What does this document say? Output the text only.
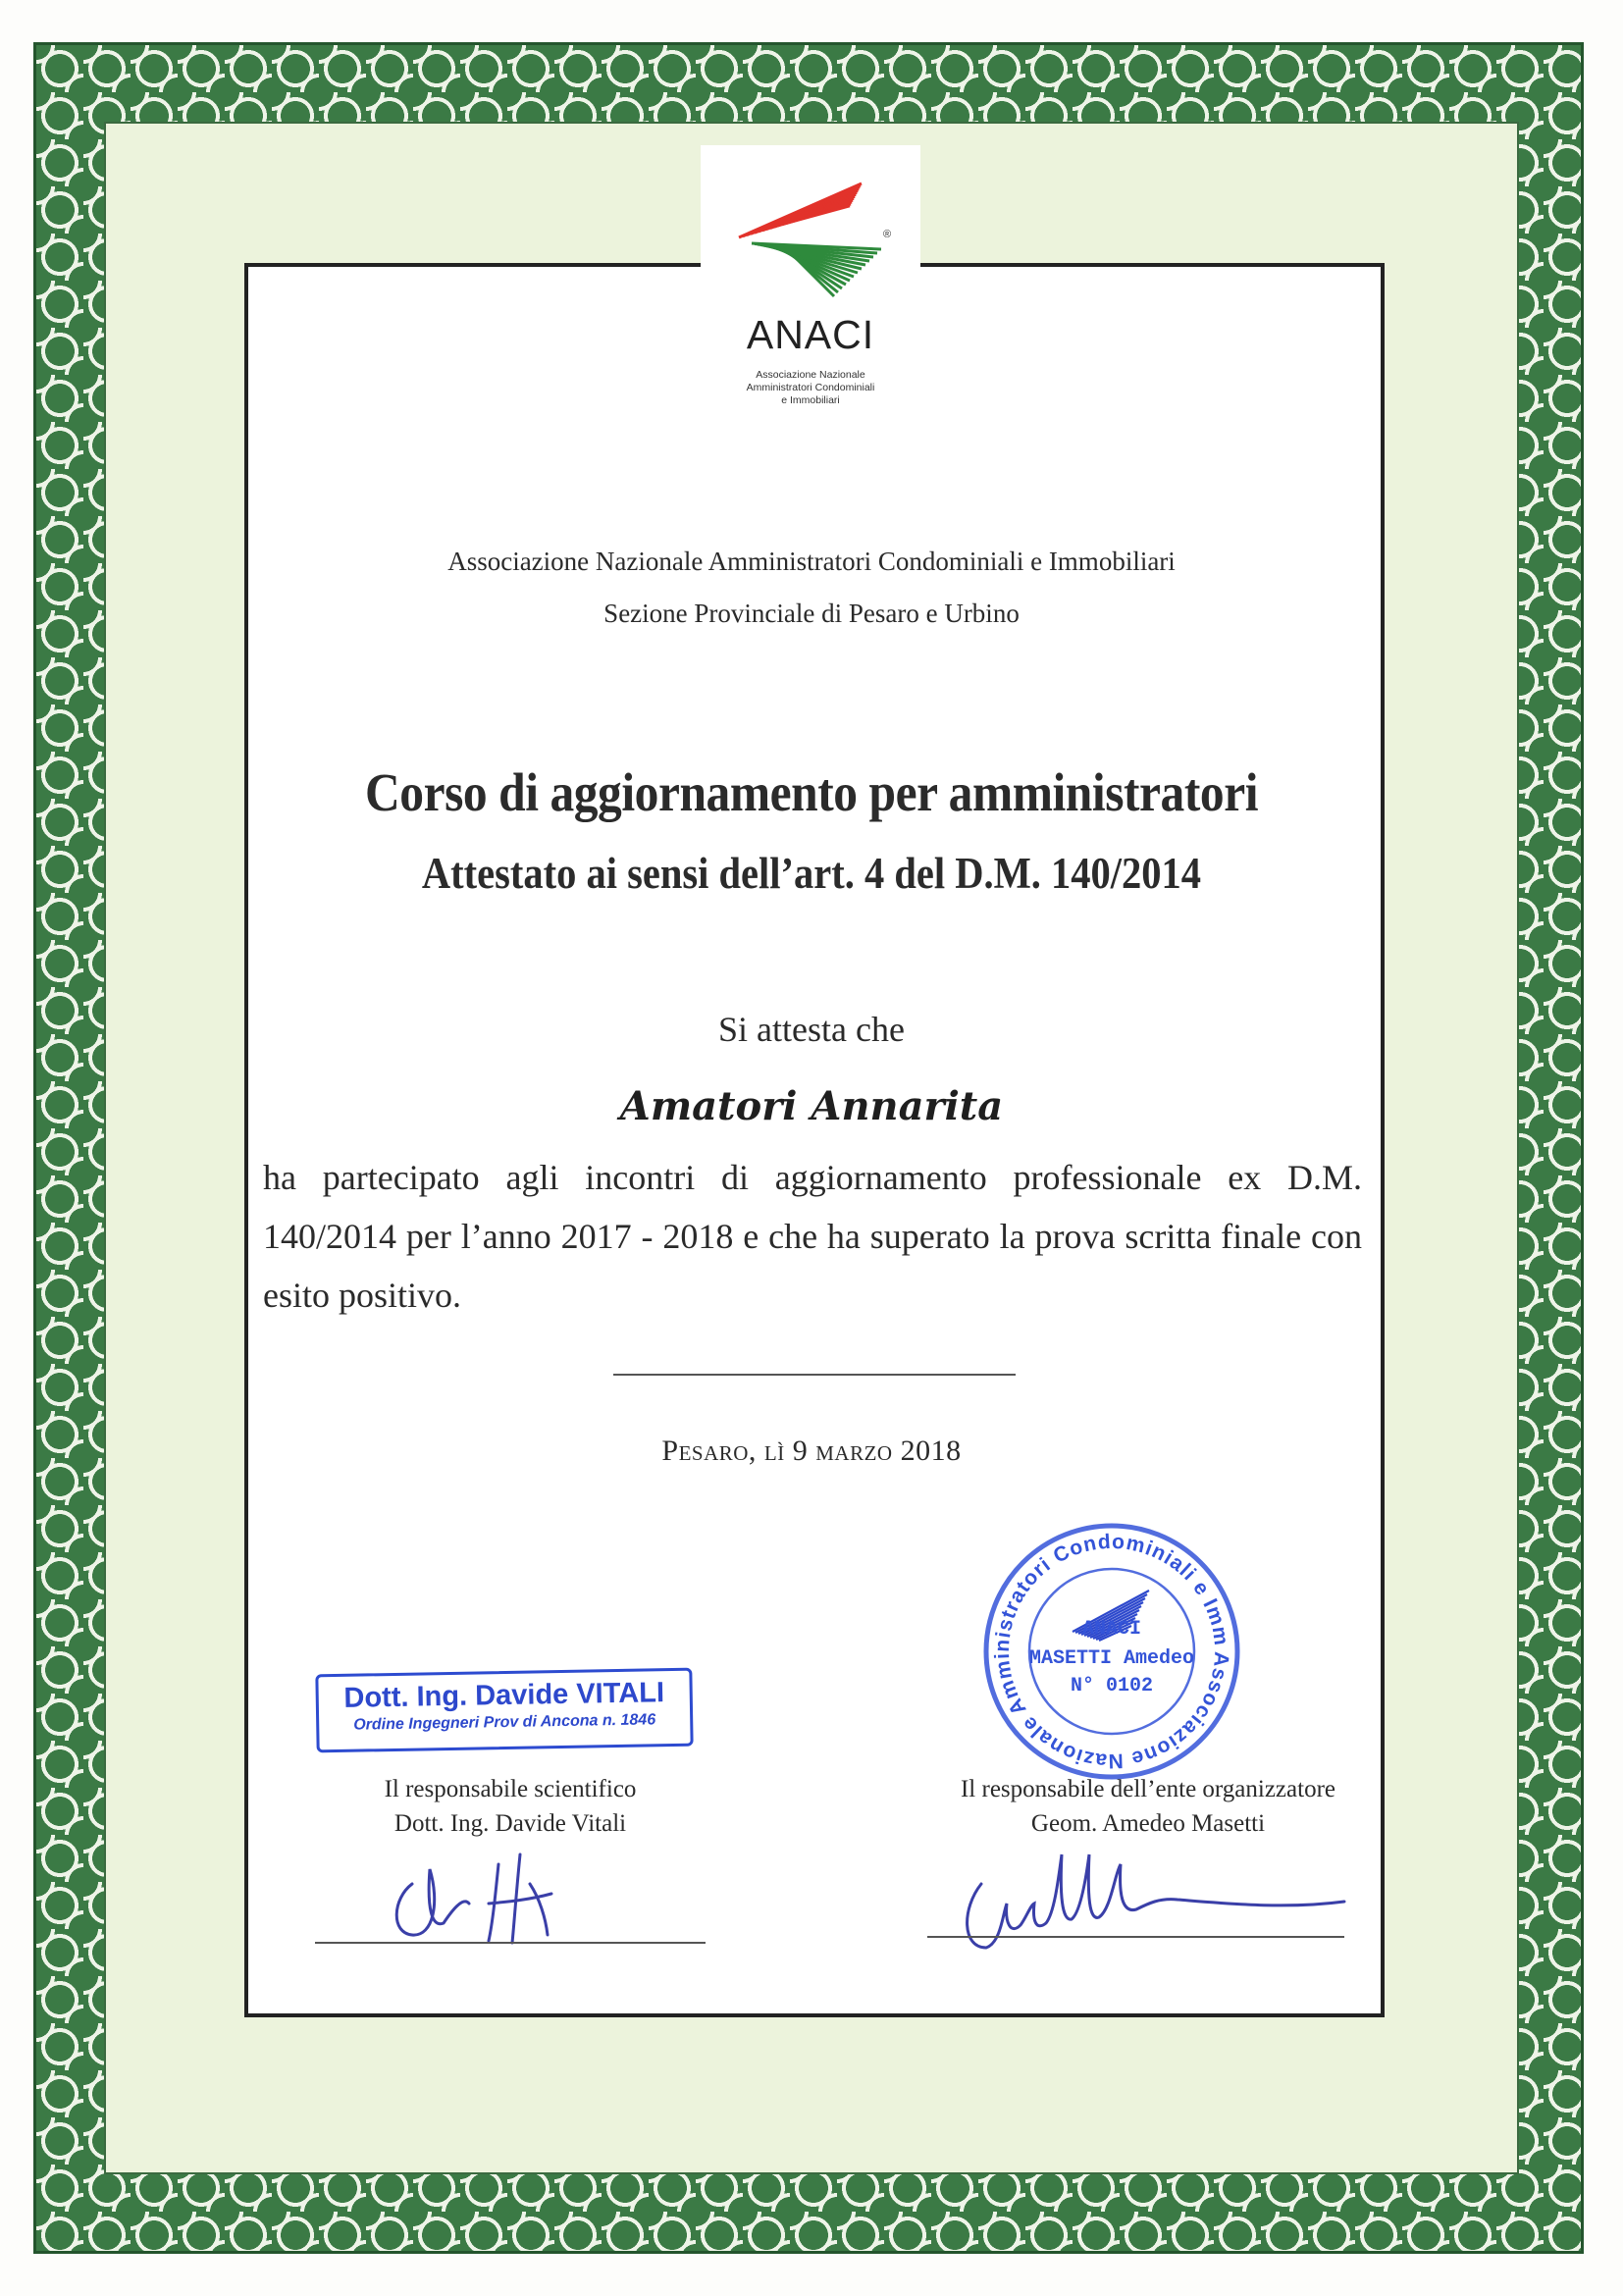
®
ANACI
Associazione Nazionale
Amministratori Condominiali
e Immobiliari
Associazione Nazionale Amministratori Condominiali e Immobiliari
Sezione Provinciale di Pesaro e Urbino
Corso di aggiornamento per amministratori
Attestato ai sensi dell’art. 4 del D.M. 140/2014
Si attesta che
Amatori Annarita
ha partecipato agli incontri di aggiornamento professionale ex D.M. 140/2014 per l’anno 2017 - 2018 e che ha superato la prova scritta finale con esito positivo.
Pesaro, lì 9 marzo 2018
Associazione Nazionale Amministratori Condominiali e Imm
ANACI
MASETTI Amedeo
N° 0102
Dott. Ing. Davide VITALI
Ordine Ingegneri Prov di Ancona n. 1846
Il responsabile scientifico
Dott. Ing. Davide Vitali
Il responsabile dell’ente organizzatore
Geom. Amedeo Masetti
